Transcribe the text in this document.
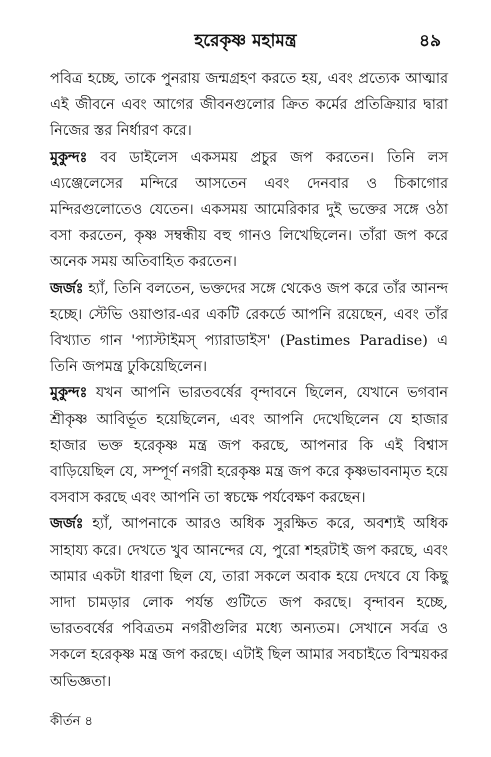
হরেকৃষ্ণ মহামন্ত্র	৪৯

পবিত্র হচ্ছে, তাকে পুনরায় জন্মগ্রহণ করতে হয়, এবং প্রত্যেক আত্মার এই জীবনে এবং আগের জীবনগুলোর ক্রিত কর্মের প্রতিক্রিয়ার দ্বারা নিজের স্তর নির্ধারণ করে।

মুকুন্দঃ বব ডাইলেস একসময় প্রচুর জপ করতেন। তিনি লস এ্যঞ্জেলেসের মন্দিরে আসতেন এবং দেনবার ও চিকাগোর মন্দিরগুলোতেও যেতেন। একসময় আমেরিকার দুই ভক্তের সঙ্গে ওঠা বসা করতেন, কৃষ্ণ সম্বন্ধীয় বহু গানও লিখেছিলেন। তাঁরা জপ করে অনেক সময় অতিবাহিত করতেন।

জর্জঃ হ্যাঁ, তিনি বলতেন, ভক্তদের সঙ্গে থেকেও জপ করে তাঁর আনন্দ হচ্ছে। স্টেভি ওয়াণ্ডার-এর একটি রেকর্ডে আপনি রয়েছেন, এবং তাঁর বিখ্যাত গান 'প্যাস্টাইমস্ প্যারাডাইস' (Pastimes Paradise) এ তিনি জপমন্ত্র ঢুকিয়েছিলেন।

মুকুন্দঃ যখন আপনি ভারতবর্ষের বৃন্দাবনে ছিলেন, যেখানে ভগবান শ্রীকৃষ্ণ আবির্ভূত হয়েছিলেন, এবং আপনি দেখেছিলেন যে হাজার হাজার ভক্ত হরেকৃষ্ণ মন্ত্র জপ করছে, আপনার কি এই বিশ্বাস বাড়িয়েছিল যে, সম্পূর্ণ নগরী হরেকৃষ্ণ মন্ত্র জপ করে কৃষ্ণভাবনামৃত হয়ে বসবাস করছে এবং আপনি তা স্বচক্ষে পর্যবেক্ষণ করছেন।

জর্জঃ হ্যাঁ, আপনাকে আরও অধিক সুরক্ষিত করে, অবশ্যই অধিক সাহায্য করে। দেখতে খুব আনন্দের যে, পুরো শহরটাই জপ করছে, এবং আমার একটা ধারণা ছিল যে, তারা সকলে অবাক হয়ে দেখবে যে কিছু সাদা চামড়ার লোক পর্যন্ত গুটিতে জপ করছে। বৃন্দাবন হচ্ছে, ভারতবর্ষের পবিত্রতম নগরীগুলির মধ্যে অন্যতম। সেখানে সর্বত্র ও সকলে হরেকৃষ্ণ মন্ত্র জপ করছে। এটাই ছিল আমার সবচাইতে বিস্ময়কর অভিজ্ঞতা।

কীর্তন ৪
